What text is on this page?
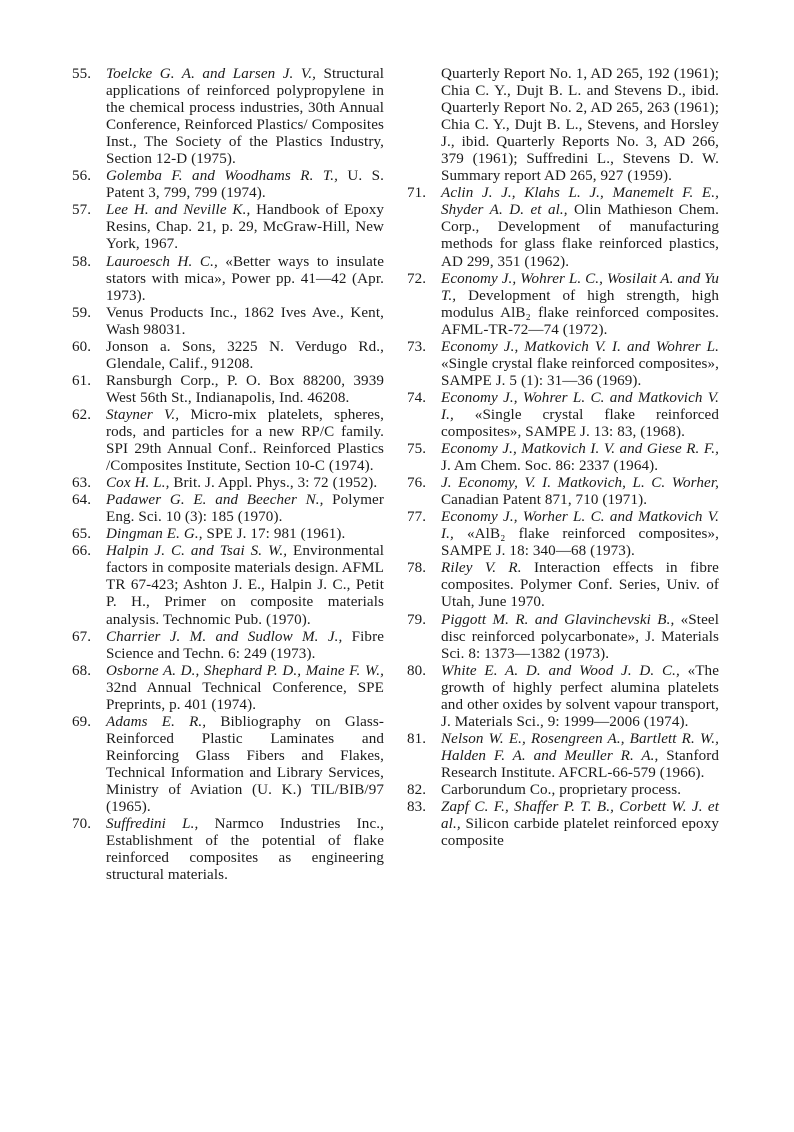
55. Toelcke G. A. and Larsen J. V., Structural applications of reinforced polypropylene in the chemical process industries, 30th Annual Conference, Reinforced Plastics/ Composites Inst., The Society of the Plastics Industry, Section 12-D (1975).
56. Golemba F. and Woodhams R. T., U. S. Patent 3, 799, 799 (1974).
57. Lee H. and Neville K., Handbook of Epoxy Resins, Chap. 21, p. 29, McGraw-Hill, New York, 1967.
58. Lauroesch H. C., «Better ways to insulate stators with mica», Power pp. 41—42 (Apr. 1973).
59. Venus Products Inc., 1862 Ives Ave., Kent, Wash 98031.
60. Jonson a. Sons, 3225 N. Verdugo Rd., Glendale, Calif., 91208.
61. Ransburgh Corp., P. O. Box 88200, 3939 West 56th St., Indianapolis, Ind. 46208.
62. Stayner V., Micro-mix platelets, spheres, rods, and particles for a new RP/C family. SPI 29th Annual Conf.. Reinforced Plastics /Composites Institute, Section 10-C (1974).
63. Cox H. L., Brit. J. Appl. Phys., 3: 72 (1952).
64. Padawer G. E. and Beecher N., Polymer Eng. Sci. 10 (3): 185 (1970).
65. Dingman E. G., SPE J. 17: 981 (1961).
66. Halpin J. C. and Tsai S. W., Environmental factors in composite materials design. AFML TR 67-423; Ashton J. E., Halpin J. C., Petit P. H., Primer on composite materials analysis. Technomic Pub. (1970).
67. Charrier J. M. and Sudlow M. J., Fibre Science and Techn. 6: 249 (1973).
68. Osborne A. D., Shephard P. D., Maine F. W., 32nd Annual Technical Conference, SPE Preprints, p. 401 (1974).
69. Adams E. R., Bibliography on Glass-Reinforced Plastic Laminates and Reinforcing Glass Fibers and Flakes, Technical Information and Library Services, Ministry of Aviation (U. K.) TIL/BIB/97 (1965).
70. Suffredini L., Narmco Industries Inc., Establishment of the potential of flake reinforced composites as engineering structural materials.
Quarterly Report No. 1, AD 265, 192 (1961); Chia C. Y., Dujt B. L. and Stevens D., ibid. Quarterly Report No. 2, AD 265, 263 (1961); Chia C. Y., Dujt B. L., Stevens, and Horsley J., ibid. Quarterly Reports No. 3, AD 266, 379 (1961); Suffredini L., Stevens D. W. Summary report AD 265, 927 (1959).
71. Aclin J. J., Klahs L. J., Manemelt F. E., Shyder A. D. et al., Olin Mathieson Chem. Corp., Development of manufacturing methods for glass flake reinforced plastics, AD 299, 351 (1962).
72. Economy J., Wohrer L. C., Wosilait A. and Yu T., Development of high strength, high modulus AlB₂ flake reinforced composites. AFML-TR-72—74 (1972).
73. Economy J., Matkovich V. I. and Wohrer L. «Single crystal flake reinforced composites», SAMPE J. 5 (1): 31—36 (1969).
74. Economy J., Wohrer L. C. and Matkovich V. I., «Single crystal flake reinforced composites», SAMPE J. 13: 83, (1968).
75. Economy J., Matkovich I. V. and Giese R. F., J. Am Chem. Soc. 86: 2337 (1964).
76. J. Economy, V. I. Matkovich, L. C. Worher, Canadian Patent 871, 710 (1971).
77. Economy J., Worher L. C. and Matkovich V. I., «AlB₂ flake reinforced composites», SAMPE J. 18: 340—68 (1973).
78. Riley V. R. Interaction effects in fibre composites. Polymer Conf. Series, Univ. of Utah, June 1970.
79. Piggott M. R. and Glavinchevski B., «Steel disc reinforced polycarbonate», J. Materials Sci. 8: 1373—1382 (1973).
80. White E. A. D. and Wood J. D. C., «The growth of highly perfect alumina platelets and other oxides by solvent vapour transport, J. Materials Sci., 9: 1999—2006 (1974).
81. Nelson W. E., Rosengreen A., Bartlett R. W., Halden F. A. and Meuller R. A., Stanford Research Institute. AFCRL-66-579 (1966).
82. Carborundum Co., proprietary process.
83. Zapf C. F., Shaffer P. T. B., Corbett W. J. et al., Silicon carbide platelet reinforced epoxy composite
